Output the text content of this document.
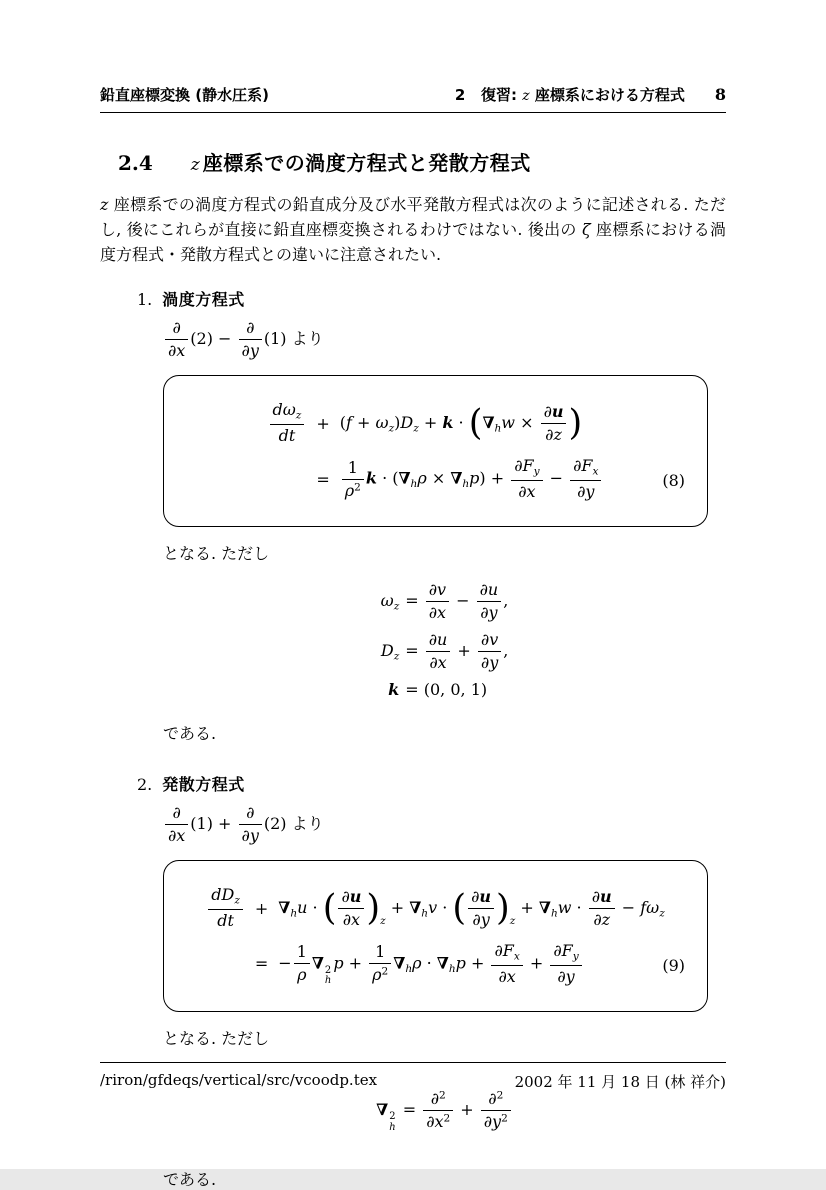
鉛直座標変換 (静水圧系)	2   復習: z 座標系における方程式 8
2.4 z 座標系での渦度方程式と発散方程式
z 座標系での渦度方程式の鉛直成分及び水平発散方程式は次のように記述される. ただし, 後にこれらが直接に鉛直座標変換されるわけではない. 後出の ζ 座標系における渦度方程式・発散方程式との違いに注意されたい.
1. 渦度方程式
$\frac{\partial}{\partial x} (2) - \frac{\partial}{\partial y} (1)$ より
$\frac{d\omega_z}{dt} + (f + \omega_z)D_z + k \cdot (\nabla_hw \times \frac{\partial u}{\partial z}$ )
= $\frac{1}{\rho^2}$ $k \cdot (\nabla_h\rho \times \nabla_hp) + \frac{\partial F_y}{\partial x} - \frac{\partial F_x}{\partial y}$	(8)
となる. ただし
$\omega_z = \frac{\partial v}{\partial x} - \frac{\partial u}{\partial y}$ ,
$D_z = \frac{\partial u}{\partial x} + \frac{\partial v}{\partial y}$ ,
k = (0, 0, 1)
である.
2. 発散方程式
$\frac{\partial}{\partial x} (1) + \frac{\partial}{\partial y} (2)$ より
$\frac{dD_z}{dt} + \nabla_hu$ · ( $\frac{\partial u}{\partial x} )_z + \nabla_hv$ · ( $\frac{\partial u}{\partial y} )_z + \nabla_hw \cdot \frac{\partial u}{\partial z} - f\omega_z$
= − $\frac{1}{\rho}$ ∇ 2
h
$p + \frac{1}{\rho^2} \nabla_h\rho \cdot \nabla_hp + \frac{\partial F_x}{\partial x} + \frac{\partial F_y}{\partial y}$	(9)
となる. ただし
∇ 2
h
= $\frac{\partial^2}{\partial x^2} + \frac{\partial^2}{\partial y^2}$
である.
/riron/gfdeqs/vertical/src/vcoodp.tex	2002 年 11 月 18 日 (林 祥介)
